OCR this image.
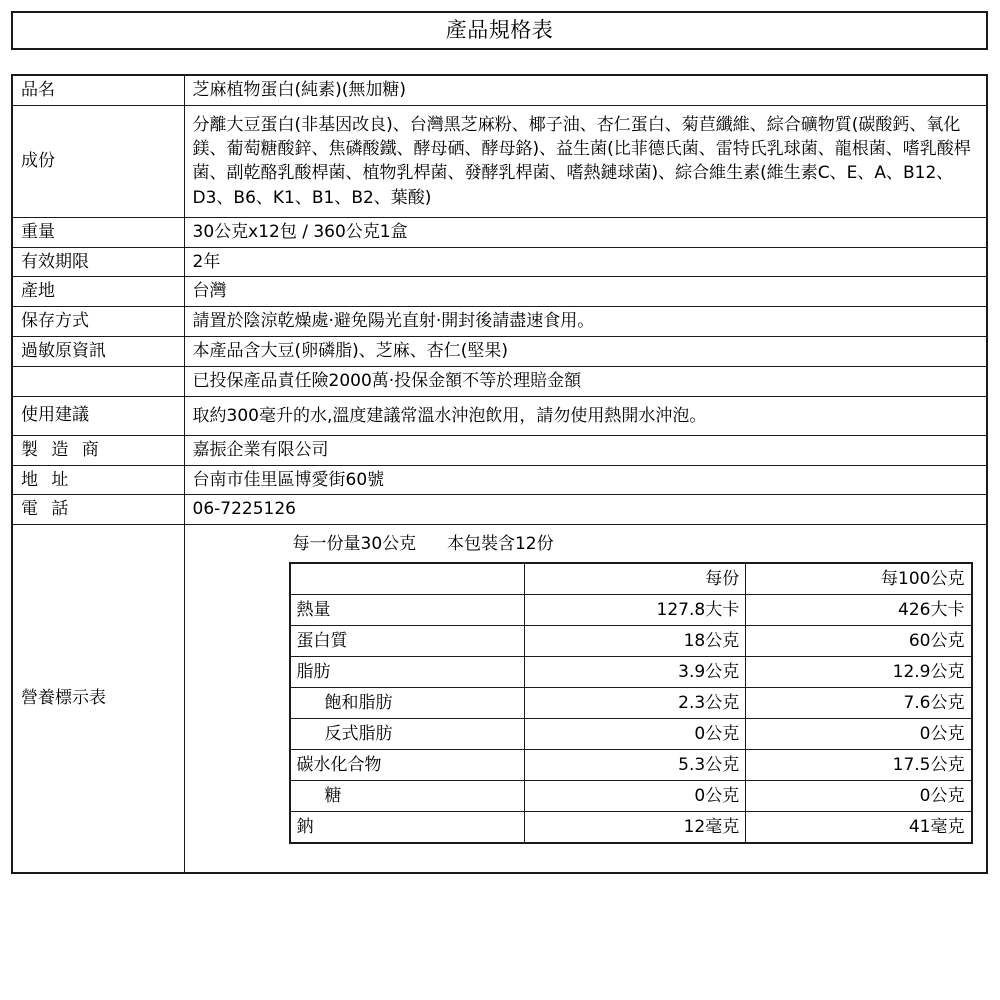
產品規格表
品名	芝麻植物蛋白(純素)(無加糖)

成份

分離大豆蛋白(非基因改良)、台灣黑芝麻粉、椰子油、杏仁蛋白、菊苣纖維、綜合礦物質(碳酸鈣、氧化鎂、葡萄糖酸鋅、焦磷酸鐵、酵母硒、酵母鉻)、益生菌(比菲德氏菌、雷特氏乳球菌、龍根菌、嗜乳酸桿菌、副乾酪乳酸桿菌、植物乳桿菌、發酵乳桿菌、嗜熱鏈球菌)、綜合維生素(維生素C、E、A、B12、D3、B6、K1、B1、B2、葉酸)

重量	30公克x12包 / 360公克1盒

有效期限	2年

產地	台灣

保存方式	請置於陰涼乾燥處‧避免陽光直射‧開封後請盡速食用。

過敏原資訊	本產品含大豆(卵磷脂)、芝麻、杏仁(堅果)

已投保產品責任險2000萬‧投保金額不等於理賠金額

使用建議	取約300毫升的水,溫度建議常溫水沖泡飲用，請勿使用熱開水沖泡。

製 造 商	嘉振企業有限公司

地 址	台南市佳里區博愛街60號

電 話	06-7225126

營養標示表

每一份量30公克 本包裝含12份
	每份	每100公克
熱量	127.8大卡	426大卡
蛋白質	18公克	60公克
脂肪	3.9公克	12.9公克
飽和脂肪	2.3公克	7.6公克
反式脂肪	0公克	0公克
碳水化合物	5.3公克	17.5公克
糖	0公克	0公克
鈉	12毫克	41毫克
